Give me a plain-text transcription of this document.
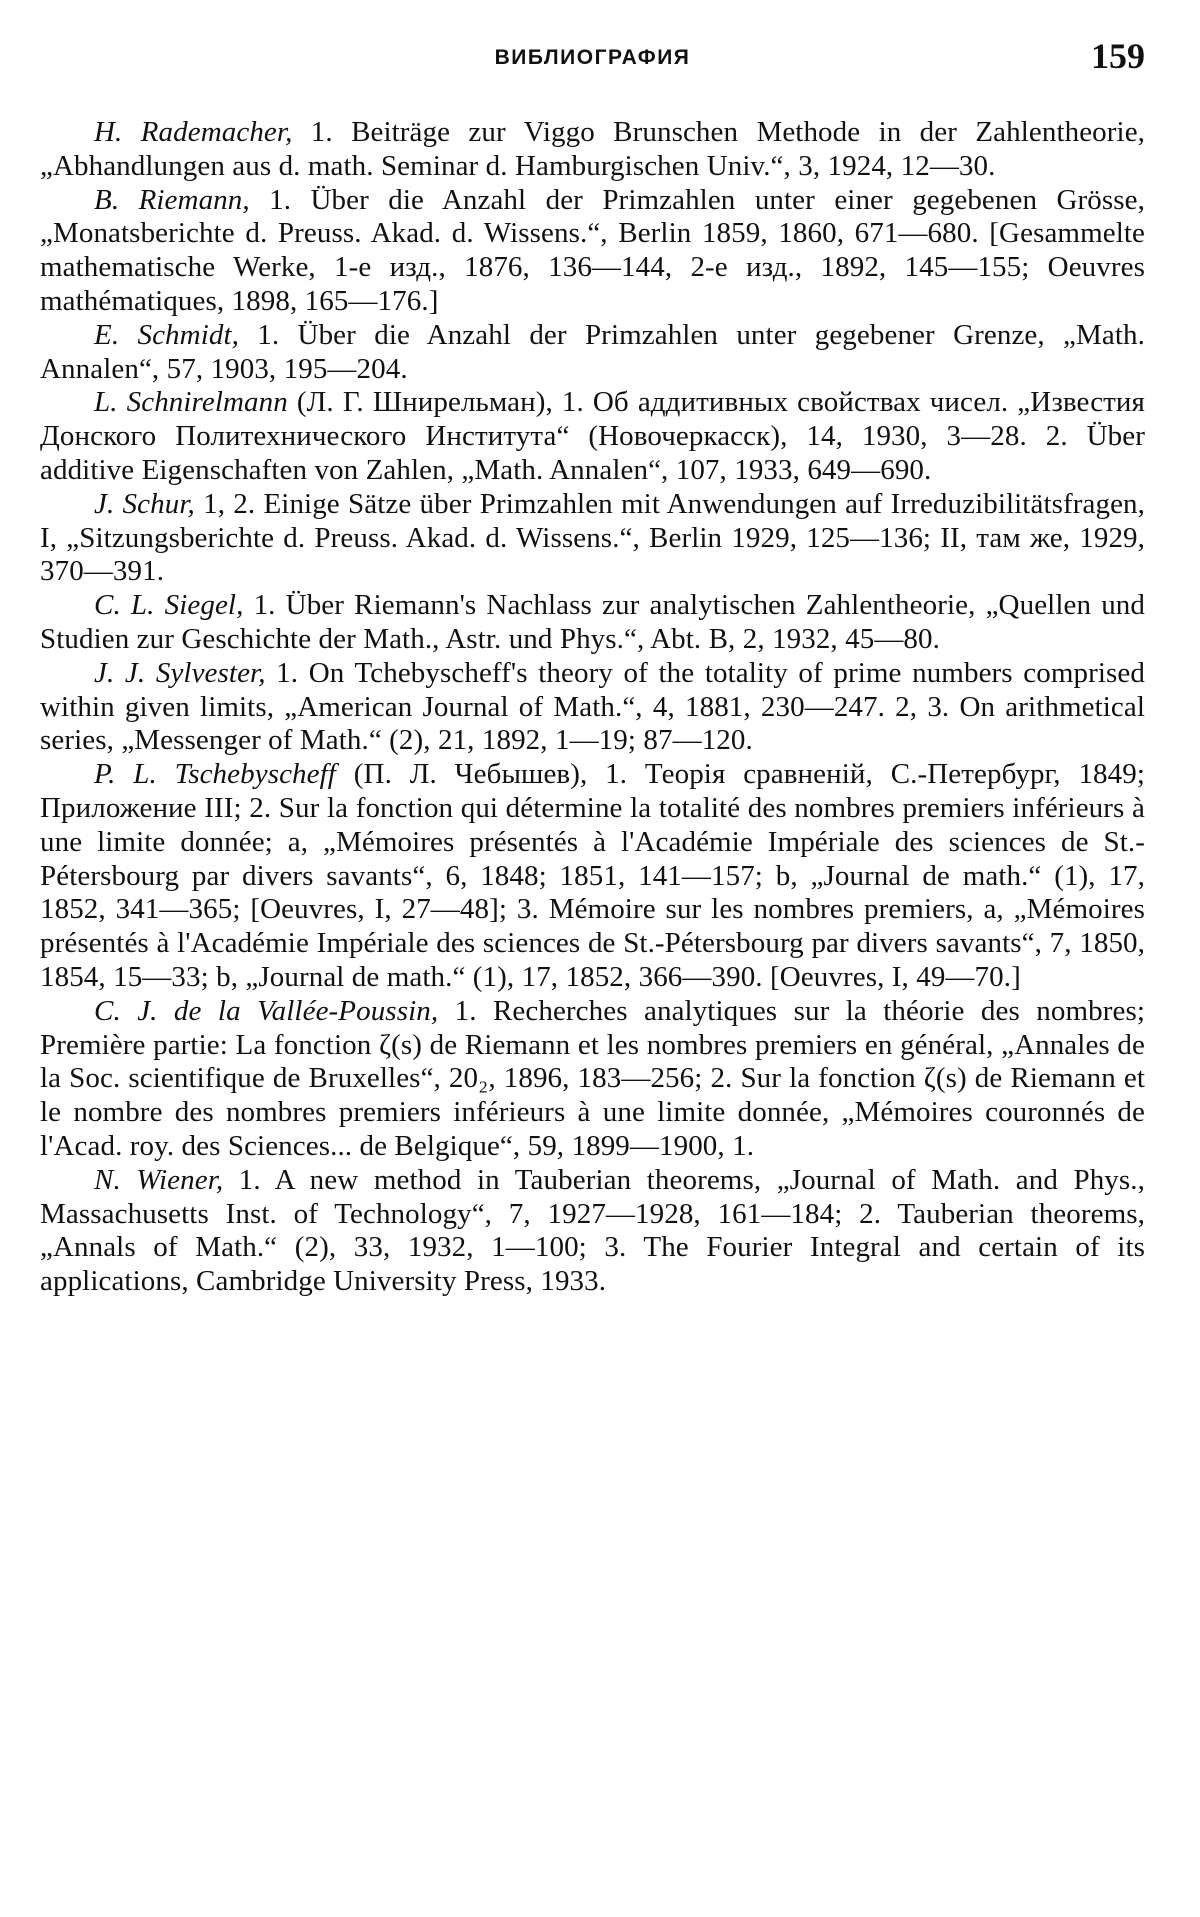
ВИБЛИОГРАФИЯ	159

H. Rademacher, 1. Beiträge zur Viggo Brunschen Methode in der Zahlentheorie, „Abhandlungen aus d. math. Seminar d. Hamburgischen Univ.“, 3, 1924, 12—30.

B. Riemann, 1. Über die Anzahl der Primzahlen unter einer gegebenen Grösse, „Monatsberichte d. Preuss. Akad. d. Wissens.“, Berlin 1859, 1860, 671—680. [Gesammelte mathematische Werke, 1-е изд., 1876, 136—144, 2-е изд., 1892, 145—155; Oeuvres mathématiques, 1898, 165—176.]

E. Schmidt, 1. Über die Anzahl der Primzahlen unter gegebener Grenze, „Math. Annalen“, 57, 1903, 195—204.

L. Schnirelmann (Л. Г. Шнирельман), 1. Об аддитивных свойствах чисел. „Известия Донского Политехнического Института“ (Новочеркасск), 14, 1930, 3—28. 2. Über additive Eigenschaften von Zahlen, „Math. Annalen“, 107, 1933, 649—690.

J. Schur, 1, 2. Einige Sätze über Primzahlen mit Anwendungen auf Irreduzibilitätsfragen, I, „Sitzungsberichte d. Preuss. Akad. d. Wissens.“, Berlin 1929, 125—136; II, там же, 1929, 370—391.

C. L. Siegel, 1. Über Riemann's Nachlass zur analytischen Zahlentheorie, „Quellen und Studien zur Geschichte der Math., Astr. und Phys.“, Abt. B, 2, 1932, 45—80.

J. J. Sylvester, 1. On Tchebyscheff's theory of the totality of prime numbers comprised within given limits, „American Journal of Math.“, 4, 1881, 230—247. 2, 3. On arithmetical series, „Messenger of Math.“ (2), 21, 1892, 1—19; 87—120.

P. L. Tschebyscheff (П. Л. Чебышев), 1. Теорія сравненій, С.-Петербург, 1849; Приложение III; 2. Sur la fonction qui détermine la totalité des nombres premiers inférieurs à une limite donnée; a, „Mémoires présentés à l'Académie Impériale des sciences de St.-Pétersbourg par divers savants“, 6, 1848; 1851, 141—157; b, „Journal de math.“ (1), 17, 1852, 341—365; [Oeuvres, I, 27—48]; 3. Mémoire sur les nombres premiers, a, „Mémoires présentés à l'Académie Impériale des sciences de St.-Pétersbourg par divers savants“, 7, 1850, 1854, 15—33; b, „Journal de math.“ (1), 17, 1852, 366—390. [Oeuvres, I, 49—70.]

C. J. de la Vallée-Poussin, 1. Recherches analytiques sur la théorie des nombres; Première partie: La fonction ζ(s) de Riemann et les nombres premiers en général, „Annales de la Soc. scientifique de Bruxelles“, 20₂, 1896, 183—256; 2. Sur la fonction ζ(s) de Riemann et le nombre des nombres premiers inférieurs à une limite donnée, „Mémoires couronnés de l'Acad. roy. des Sciences... de Belgique“, 59, 1899—1900, 1.

N. Wiener, 1. A new method in Tauberian theorems, „Journal of Math. and Phys., Massachusetts Inst. of Technology“, 7, 1927—1928, 161—184; 2. Tauberian theorems, „Annals of Math.“ (2), 33, 1932, 1—100; 3. The Fourier Integral and certain of its applications, Cambridge University Press, 1933.
